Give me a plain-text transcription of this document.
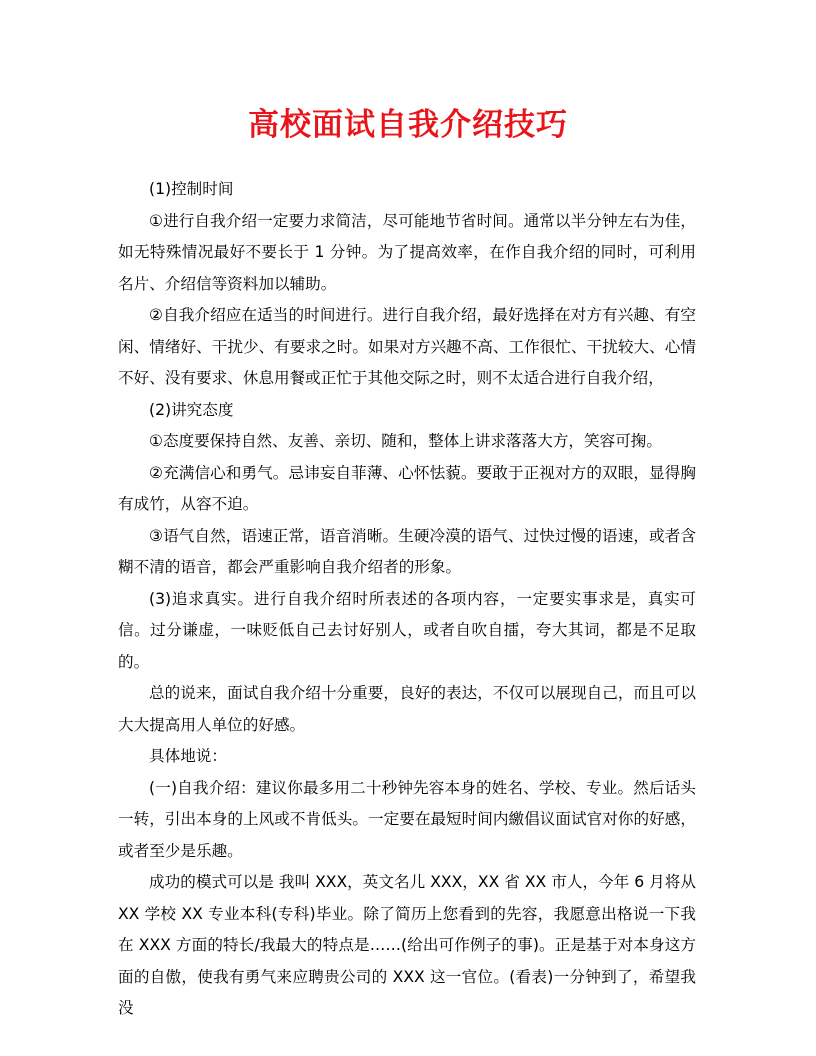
高校面试自我介绍技巧

(1)控制时间

①进行自我介绍一定要力求简洁，尽可能地节省时间。通常以半分钟左右为佳，如无特殊情况最好不要长于 1 分钟。为了提高效率，在作自我介绍的同时，可利用名片、介绍信等资料加以辅助。

②自我介绍应在适当的时间进行。进行自我介绍，最好选择在对方有兴趣、有空闲、情绪好、干扰少、有要求之时。如果对方兴趣不高、工作很忙、干扰较大、心情不好、没有要求、休息用餐或正忙于其他交际之时，则不太适合进行自我介绍，

(2)讲究态度

①态度要保持自然、友善、亲切、随和，整体上讲求落落大方，笑容可掬。

②充满信心和勇气。忌讳妄自菲薄、心怀怯藐。要敢于正视对方的双眼，显得胸有成竹，从容不迫。

③语气自然，语速正常，语音消晰。生硬冷漠的语气、过快过慢的语速，或者含糊不清的语音，都会严重影响自我介绍者的形象。

(3)追求真实。进行自我介绍时所表述的各项内容，一定要实事求是，真实可信。过分谦虚，一味贬低自己去讨好别人，或者自吹自擂，夸大其词，都是不足取的。

总的说来，面试自我介绍十分重要，良好的表达，不仅可以展现自己，而且可以大大提高用人单位的好感。

具体地说：

(一)自我介绍：建议你最多用二十秒钟先容本身的姓名、学校、专业。然后话头一转，引出本身的上风或不肯低头。一定要在最短时间内繳倡议面试官对你的好感，或者至少是乐趣。

成功的模式可以是 我叫 XXX，英文名儿 XXX，XX 省 XX 市人，今年 6 月将从 XX 学校 XX 专业本科(专科)毕业。除了简历上您看到的先容，我愿意出格说一下我在 XXX 方面的特长/我最大的特点是……(给出可作例子的事)。正是基于对本身这方面的自傲，使我有勇气来应聘贵公司的 XXX 这一官位。(看表)一分钟到了，希望我没
